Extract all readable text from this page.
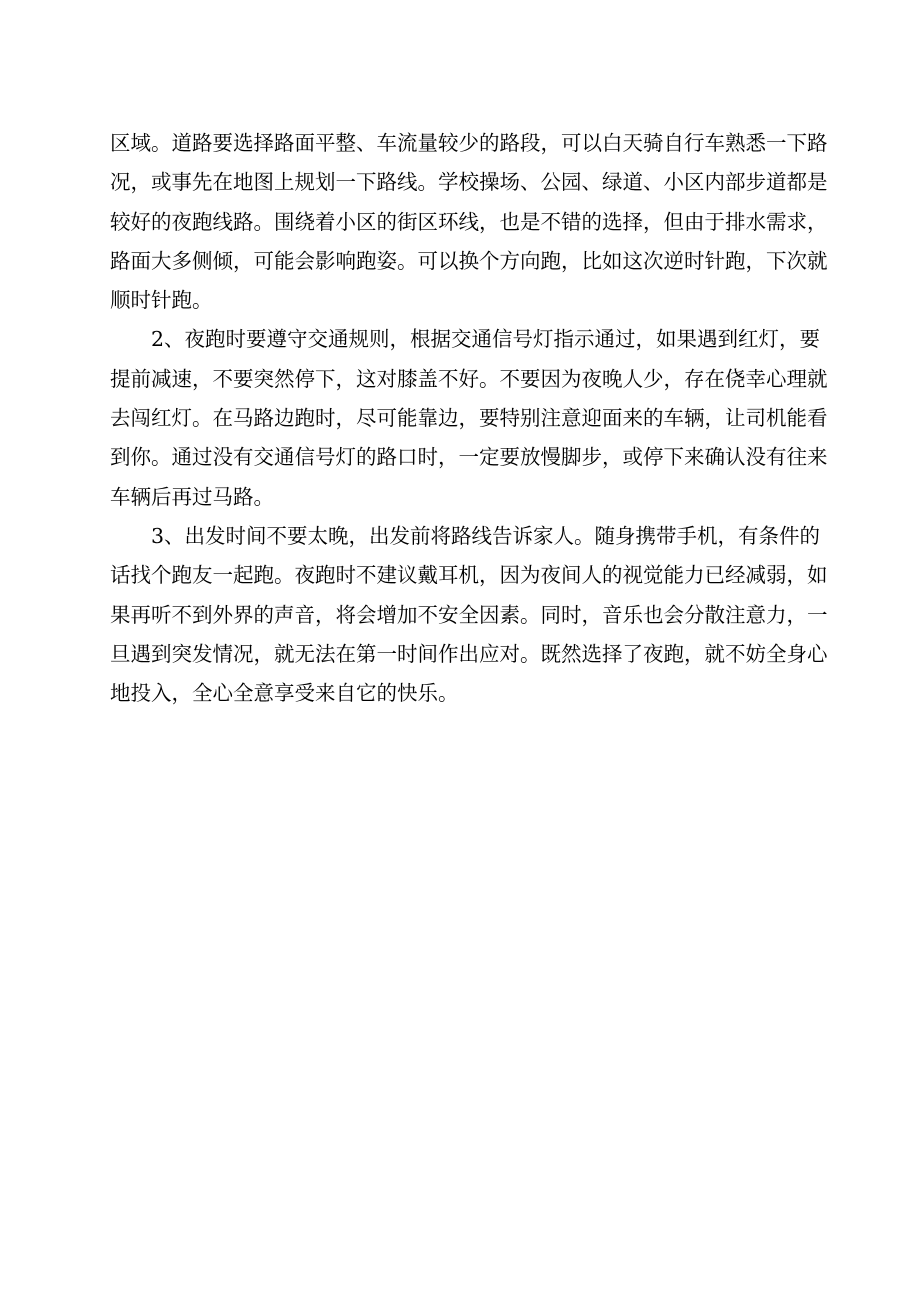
区域。道路要选择路面平整、车流量较少的路段，可以白天骑自行车熟悉一下路
况，或事先在地图上规划一下路线。学校操场、公园、绿道、小区内部步道都是
较好的夜跑线路。围绕着小区的街区环线，也是不错的选择，但由于排水需求，
路面大多侧倾，可能会影响跑姿。可以换个方向跑，比如这次逆时针跑，下次就
顺时针跑。
2、夜跑时要遵守交通规则，根据交通信号灯指示通过，如果遇到红灯，要
提前减速，不要突然停下，这对膝盖不好。不要因为夜晚人少，存在侥幸心理就
去闯红灯。在马路边跑时，尽可能靠边，要特别注意迎面来的车辆，让司机能看
到你。通过没有交通信号灯的路口时，一定要放慢脚步，或停下来确认没有往来
车辆后再过马路。
3、出发时间不要太晚，出发前将路线告诉家人。随身携带手机，有条件的
话找个跑友一起跑。夜跑时不建议戴耳机，因为夜间人的视觉能力已经减弱，如
果再听不到外界的声音，将会增加不安全因素。同时，音乐也会分散注意力，一
旦遇到突发情况，就无法在第一时间作出应对。既然选择了夜跑，就不妨全身心
地投入，全心全意享受来自它的快乐。
